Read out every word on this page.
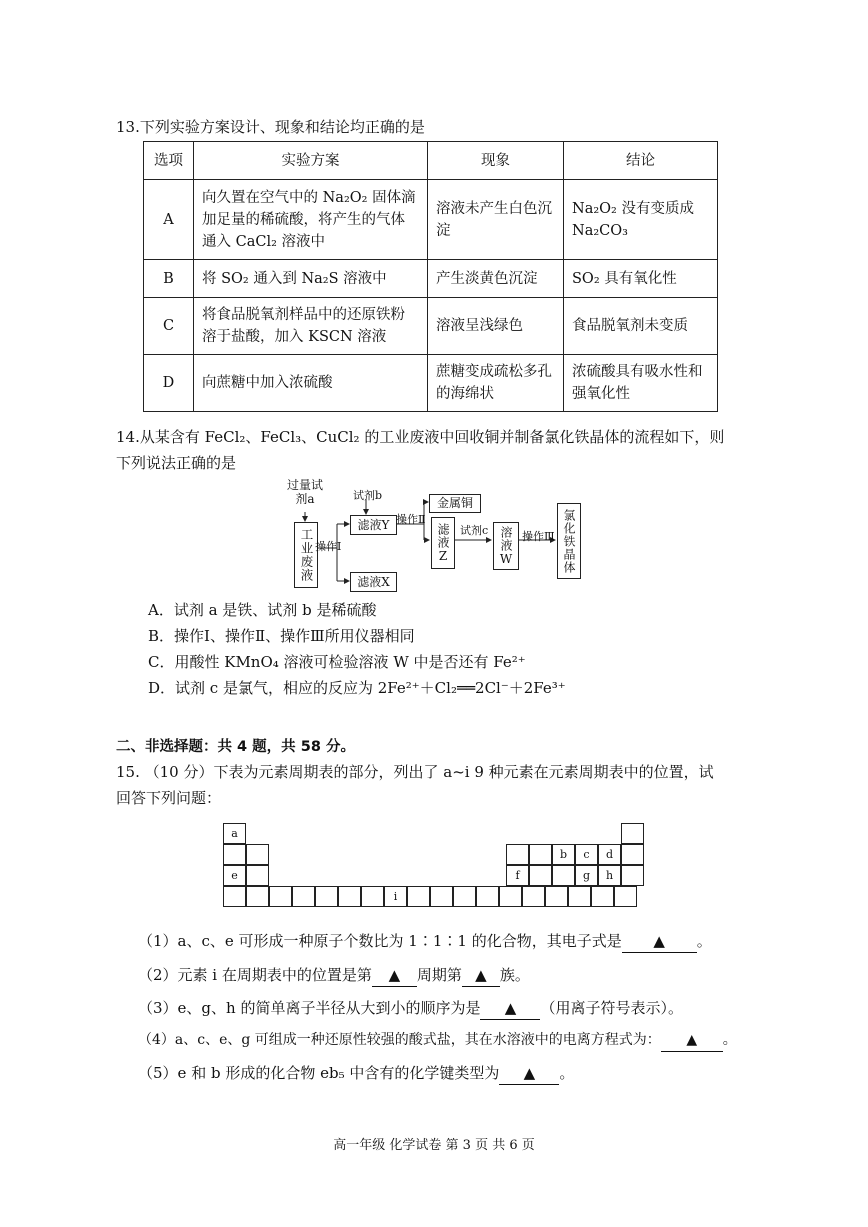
13.下列实验方案设计、现象和结论均正确的是
选项	实验方案	现象	结论
A	向久置在空气中的 Na₂O₂ 固体滴加足量的稀硫酸，将产生的气体通入 CaCl₂ 溶液中	溶液未产生白色沉淀	Na₂O₂ 没有变质成 Na₂CO₃
B	将 SO₂ 通入到 Na₂S 溶液中	产生淡黄色沉淀	SO₂ 具有氧化性
C	将食品脱氧剂样品中的还原铁粉溶于盐酸，加入 KSCN 溶液	溶液呈浅绿色	食品脱氧剂未变质
D	向蔗糖中加入浓硫酸	蔗糖变成疏松多孔的海绵状	浓硫酸具有吸水性和强氧化性
14.从某含有 FeCl₂、FeCl₃、CuCl₂ 的工业废液中回收铜并制备氯化铁晶体的流程如下，则
下列说法正确的是
过量试剂a
工业废液 操作Ⅰ
试剂b
滤液Y
滤液X
操作Ⅱ
金属铜
滤液Z 试剂c 溶液W 操作Ⅲ 氯化铁晶体
A．试剂 a 是铁、试剂 b 是稀硫酸
B．操作Ⅰ、操作Ⅱ、操作Ⅲ所用仪器相同
C．用酸性 KMnO₄ 溶液可检验溶液 W 中是否还有 Fe²⁺
D．试剂 c 是氯气，相应的反应为 2Fe²⁺＋Cl₂══2Cl⁻＋2Fe³⁺
二、非选择题：共 4 题，共 58 分。
15. （10 分）下表为元素周期表的部分，列出了 a~i 9 种元素在元素周期表中的位置，试
回答下列问题：
a
b	c	d
e	f	g	h
i
（1）a、c、e 可形成一种原子个数比为 1∶1∶1 的化合物，其电子式是 ▲ 。
（2）元素 i 在周期表中的位置是第 ▲ 周期第 ▲ 族。
（3）e、g、h 的简单离子半径从大到小的顺序为是 ▲ （用离子符号表示）。
（4）a、c、e、g 可组成一种还原性较强的酸式盐，其在水溶液中的电离方程式为： ▲ 。
（5）e 和 b 形成的化合物 eb₅ 中含有的化学键类型为 ▲ 。
高一年级 化学试卷 第 3 页 共 6 页
